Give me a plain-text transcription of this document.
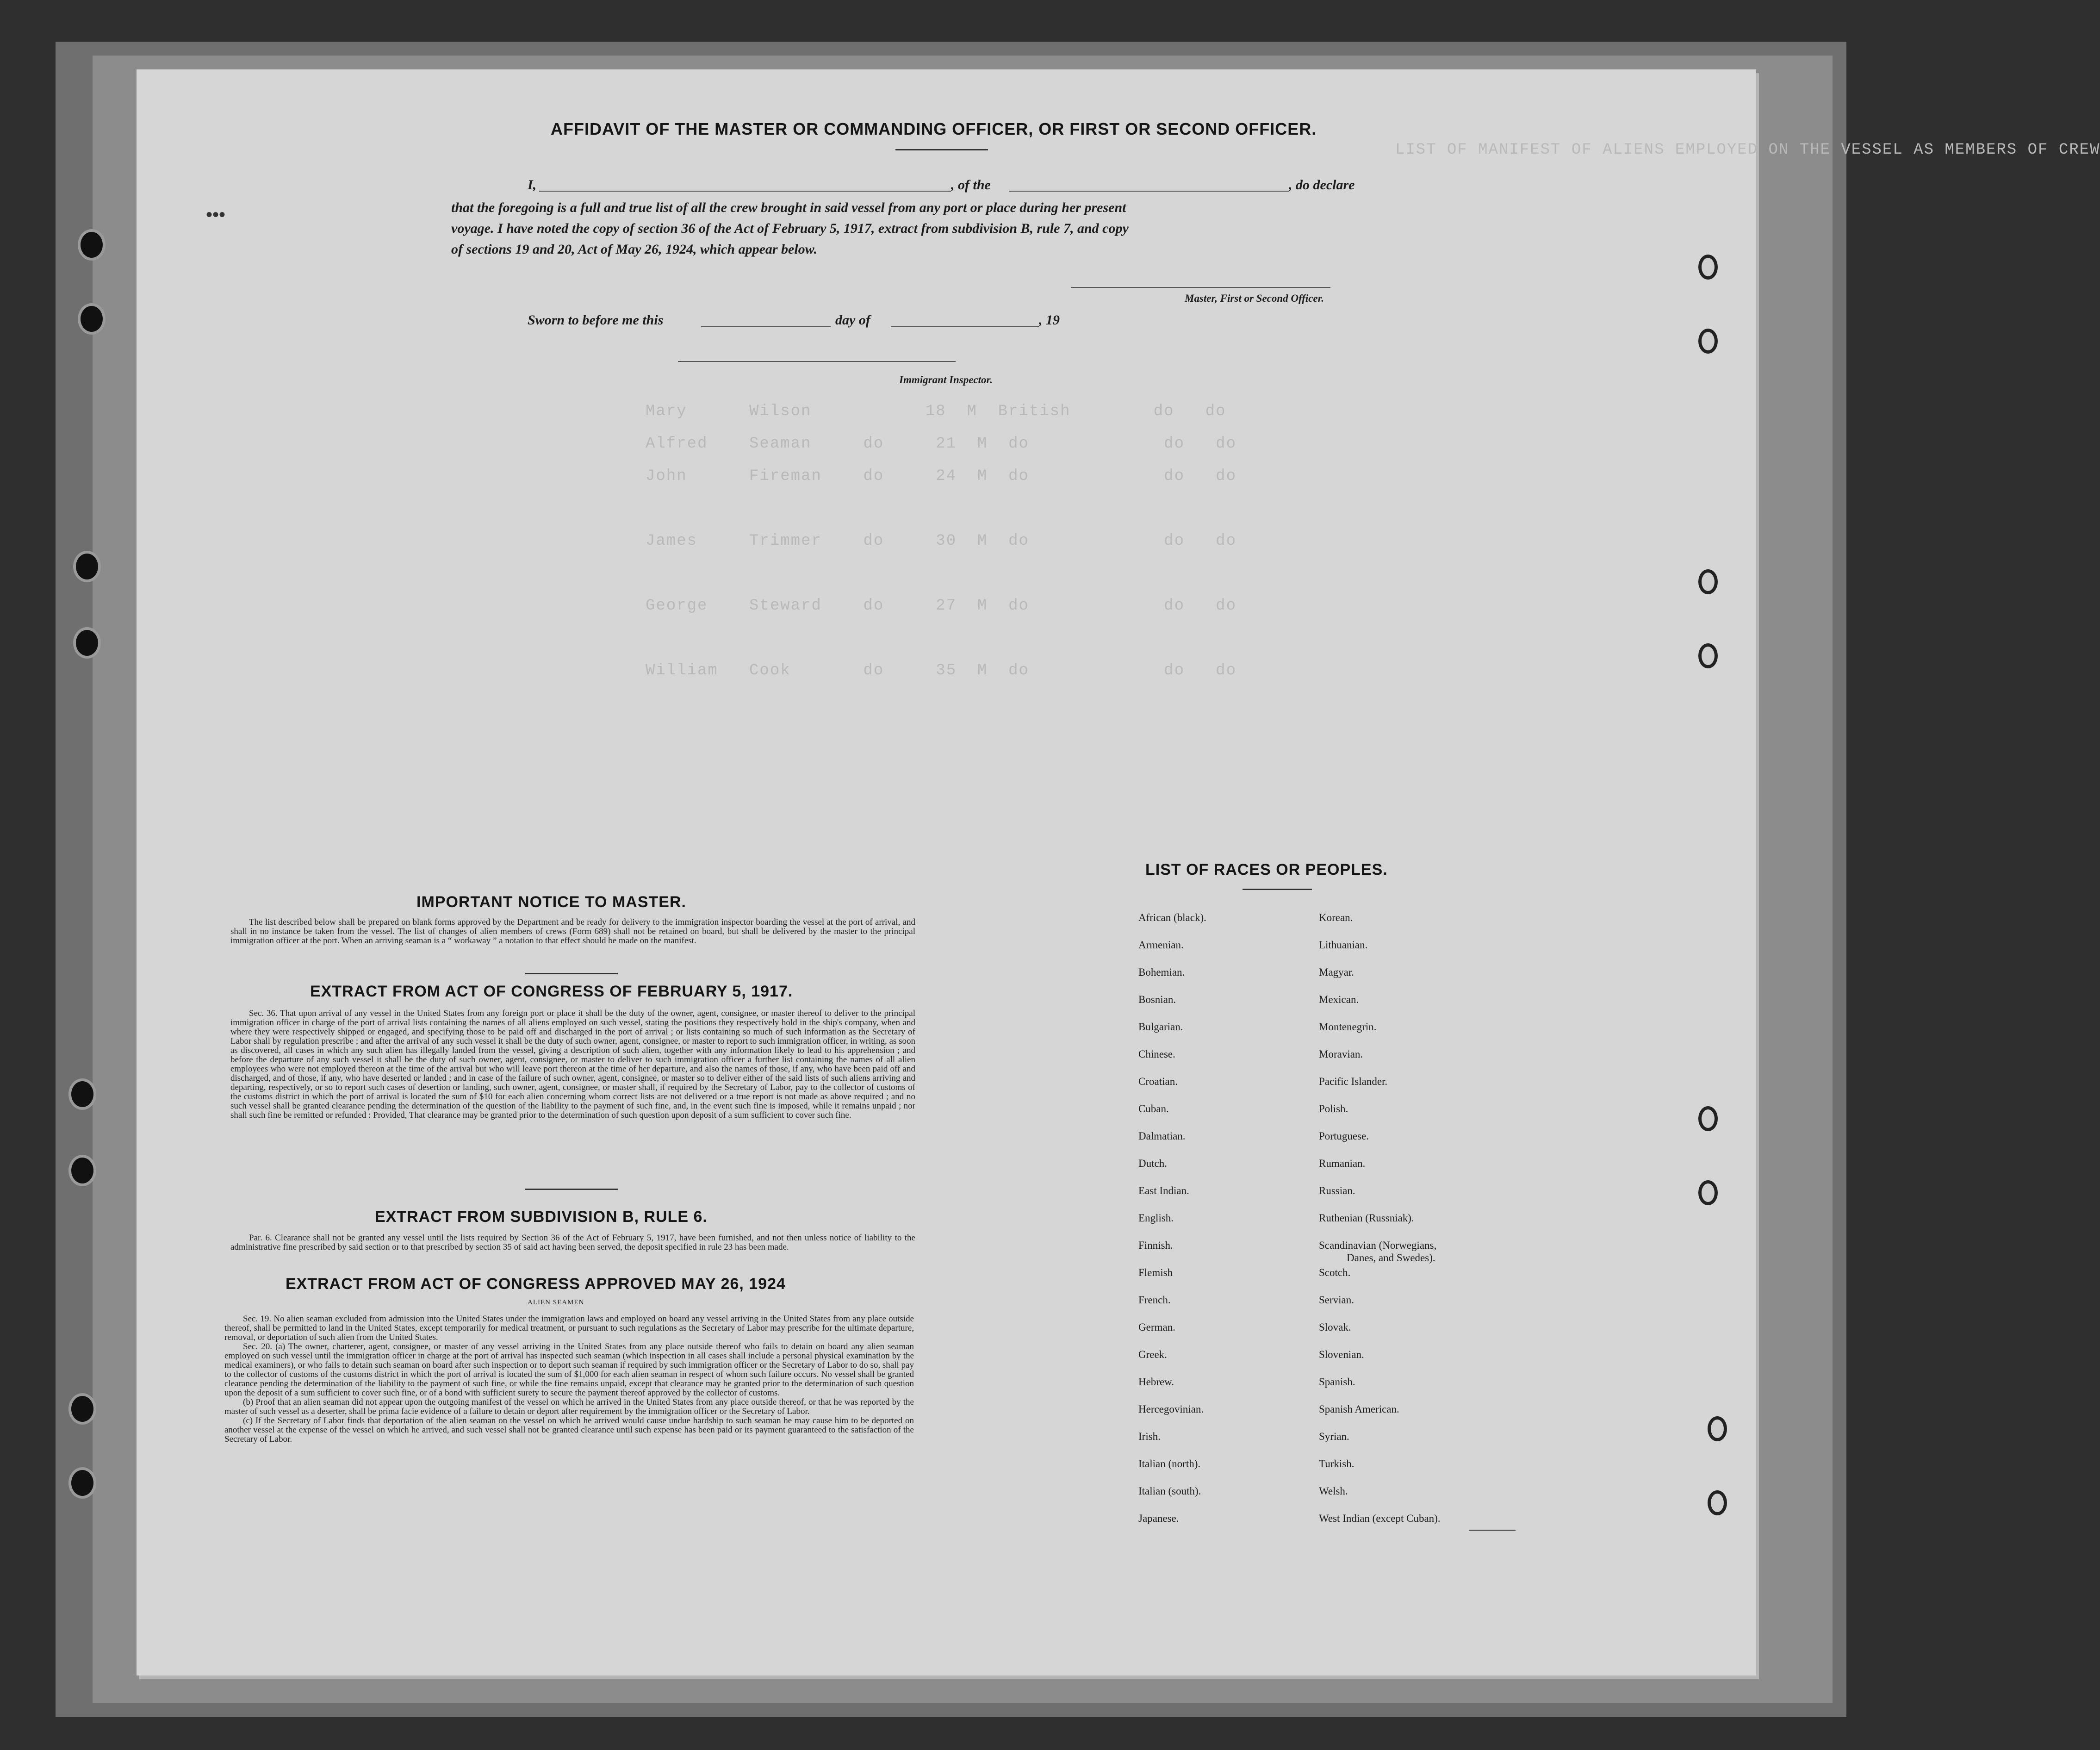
LIST OF MANIFEST OF ALIENS EMPLOYED ON THE VESSEL AS MEMBERS OF CREW
Mary      Wilson           18  M  British        do   do
Alfred    Seaman     do     21  M  do             do   do
John      Fireman    do     24  M  do             do   do
James     Trimmer    do     30  M  do             do   do
George    Steward    do     27  M  do             do   do
William   Cook       do     35  M  do             do   do
•••
AFFIDAVIT OF THE MASTER OR COMMANDING OFFICER, OR FIRST OR SECOND OFFICER.
I,	, of the	, do declare
that the foregoing is a full and true list of all the crew brought in said vessel from any port or place during her present
voyage. I have noted the copy of section 36 of the Act of February 5, 1917, extract from subdivision B, rule 7, and copy
of sections 19 and 20, Act of May 26, 1924, which appear below.
Master, First or Second Officer.
Sworn to before me this	day of	, 19
Immigrant Inspector.
IMPORTANT NOTICE TO MASTER.

The list described below shall be prepared on blank forms approved by the Department and be ready for delivery to the immigration inspector boarding the vessel at the port of arrival, and shall in no instance be taken from the vessel. The list of changes of alien members of crews (Form 689) shall not be retained on board, but shall be delivered by the master to the principal immigration officer at the port. When an arriving seaman is a “ workaway ” a notation to that effect should be made on the manifest.

EXTRACT FROM ACT OF CONGRESS OF FEBRUARY 5, 1917.

Sec. 36. That upon arrival of any vessel in the United States from any foreign port or place it shall be the duty of the owner, agent, consignee, or master thereof to deliver to the principal immigration officer in charge of the port of arrival lists containing the names of all aliens employed on such vessel, stating the positions they respectively hold in the ship's company, when and where they were respectively shipped or engaged, and specifying those to be paid off and discharged in the port of arrival ; or lists containing so much of such information as the Secretary of Labor shall by regulation prescribe ; and after the arrival of any such vessel it shall be the duty of such owner, agent, consignee, or master to report to such immigration officer, in writing, as soon as discovered, all cases in which any such alien has illegally landed from the vessel, giving a description of such alien, together with any information likely to lead to his apprehension ; and before the departure of any such vessel it shall be the duty of such owner, agent, consignee, or master to deliver to such immigration officer a further list containing the names of all alien employees who were not employed thereon at the time of the arrival but who will leave port thereon at the time of her departure, and also the names of those, if any, who have been paid off and discharged, and of those, if any, who have deserted or landed ; and in case of the failure of such owner, agent, consignee, or master so to deliver either of the said lists of such aliens arriving and departing, respectively, or so to report such cases of desertion or landing, such owner, agent, consignee, or master shall, if required by the Secretary of Labor, pay to the collector of customs of the customs district in which the port of arrival is located the sum of $10 for each alien concerning whom correct lists are not delivered or a true report is not made as above required ; and no such vessel shall be granted clearance pending the determination of the question of the liability to the payment of such fine, and, in the event such fine is imposed, while it remains unpaid ; nor shall such fine be remitted or refunded : Provided, That clearance may be granted prior to the determination of such question upon deposit of a sum sufficient to cover such fine.

EXTRACT FROM SUBDIVISION B, RULE 6.

Par. 6. Clearance shall not be granted any vessel until the lists required by Section 36 of the Act of February 5, 1917, have been furnished, and not then unless notice of liability to the administrative fine prescribed by said section or to that prescribed by section 35 of said act having been served, the deposit specified in rule 23 has been made.

EXTRACT FROM ACT OF CONGRESS APPROVED MAY 26, 1924
ALIEN SEAMEN

Sec. 19. No alien seaman excluded from admission into the United States under the immigration laws and employed on board any vessel arriving in the United States from any place outside thereof, shall be permitted to land in the United States, except temporarily for medical treatment, or pursuant to such regulations as the Secretary of Labor may prescribe for the ultimate departure, removal, or deportation of such alien from the United States.

Sec. 20. (a) The owner, charterer, agent, consignee, or master of any vessel arriving in the United States from any place outside thereof who fails to detain on board any alien seaman employed on such vessel until the immigration officer in charge at the port of arrival has inspected such seaman (which inspection in all cases shall include a personal physical examination by the medical examiners), or who fails to detain such seaman on board after such inspection or to deport such seaman if required by such immigration officer or the Secretary of Labor to do so, shall pay to the collector of customs of the customs district in which the port of arrival is located the sum of $1,000 for each alien seaman in respect of whom such failure occurs. No vessel shall be granted clearance pending the determination of the liability to the payment of such fine, or while the fine remains unpaid, except that clearance may be granted prior to the determination of such question upon the deposit of a sum sufficient to cover such fine, or of a bond with sufficient surety to secure the payment thereof approved by the collector of customs.

(b) Proof that an alien seaman did not appear upon the outgoing manifest of the vessel on which he arrived in the United States from any place outside thereof, or that he was reported by the master of such vessel as a deserter, shall be prima facie evidence of a failure to detain or deport after requirement by the immigration officer or the Secretary of Labor.

(c) If the Secretary of Labor finds that deportation of the alien seaman on the vessel on which he arrived would cause undue hardship to such seaman he may cause him to be deported on another vessel at the expense of the vessel on which he arrived, and such vessel shall not be granted clearance until such expense has been paid or its payment guaranteed to the satisfaction of the Secretary of Labor.

LIST OF RACES OR PEOPLES.
African (black).
Armenian.
Bohemian.
Bosnian.
Bulgarian.
Chinese.
Croatian.
Cuban.
Dalmatian.
Dutch.
East Indian.
English.
Finnish.
Flemish
French.
German.
Greek.
Hebrew.
Hercegovinian.
Irish.
Italian (north).
Italian (south).
Japanese.
Korean.
Lithuanian.
Magyar.
Mexican.
Montenegrin.
Moravian.
Pacific Islander.
Polish.
Portuguese.
Rumanian.
Russian.
Ruthenian (Russniak).
Scandinavian (Norwegians,
Danes, and Swedes).
Scotch.
Servian.
Slovak.
Slovenian.
Spanish.
Spanish American.
Syrian.
Turkish.
Welsh.
West Indian (except Cuban).
